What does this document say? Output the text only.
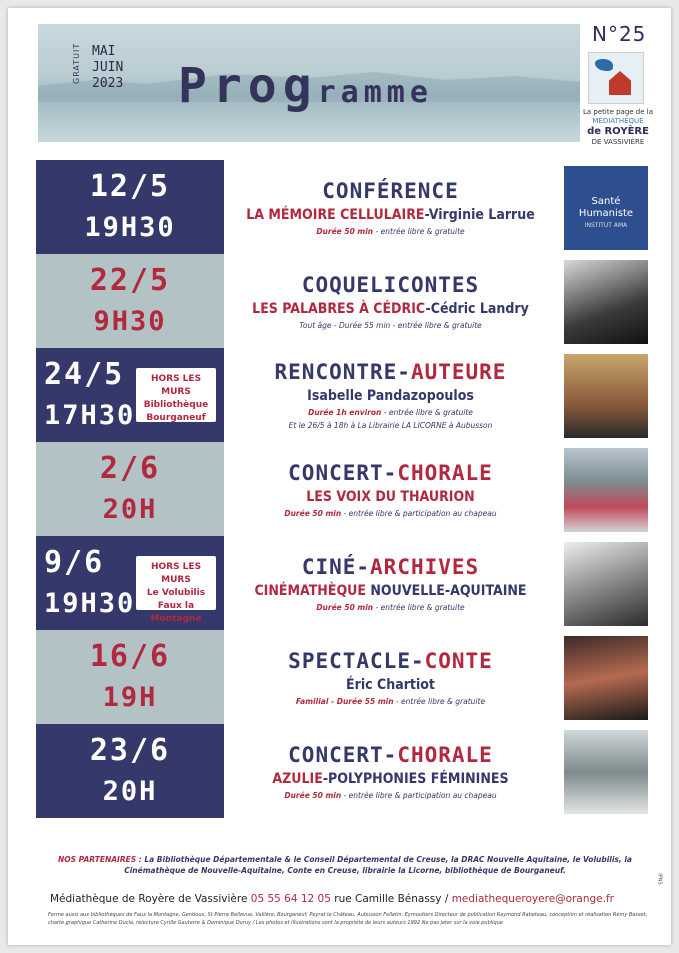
GRATUIT MAI
JUIN
2023 Programme
N°25
La petite page de la
MÉDIATHÈQUE
de ROYÈRE
DE VASSIVIÈRE
12/5
19H30
CONFÉRENCE
LA MÉMOIRE CELLULAIRE-Virginie Larrue
Durée 50 min - entrée libre & gratuite
Santé Humaniste
INSTITUT AMA
22/5
9H30
COQUELICONTES
LES PALABRES À CÉDRIC-Cédric Landry
Tout âge - Durée 55 min - entrée libre & gratuite
24/5
17H30
HORS LES MURS
Bibliothèque
Bourganeuf
RENCONTRE-AUTEURE
Isabelle Pandazopoulos
Durée 1h environ - entrée libre & gratuite
Et le 26/5 à 18h à La Librairie LA LICORNE à Aubusson
2/6
20H
CONCERT-CHORALE
LES VOIX DU THAURION
Durée 50 min - entrée libre & participation au chapeau
9/6
19H30
HORS LES MURS
Le Volubilis
Faux la Montagne
CINÉ-ARCHIVES
CINÉMATHÈQUE NOUVELLE-AQUITAINE
Durée 50 min - entrée libre & gratuite
16/6
19H
SPECTACLE-CONTE
Éric Chartiot
Familial - Durée 55 min - entrée libre & gratuite
23/6
20H
CONCERT-CHORALE
AZULIE-POLYPHONIES FÉMININES
Durée 50 min - entrée libre & participation au chapeau
NOS PARTENAIRES : La Bibliothèque Départementale & le Conseil Départemental de Creuse, la DRAC Nouvelle Aquitaine, le Volubilis, la Cinémathèque de Nouvelle-Aquitaine, Conte en Creuse, librairie la Licorne, bibliothèque de Bourganeuf.
Médiathèque de Royère de Vassivière 05 55 64 12 05 rue Camille Bénassy / mediathequeroyere@orange.fr
Ferme aussi aux bibliothèques de Faux la Montagne, Gentioux, St Pierre Bellevue, Vallière, Bourganeuf, Peyrat le Château, Aubusson Felletin, Eymoutiers Directeur de publication Raymond Rabeteau, conception et réalisation Rémy Basset, charte graphique Catherine Ducla, relecture Cyrille Gauterre & Dominique Duruy / Les photos et illustrations sont la propriété de leurs auteurs 1992 Ne pas jeter sur la voie publique
IPNS
